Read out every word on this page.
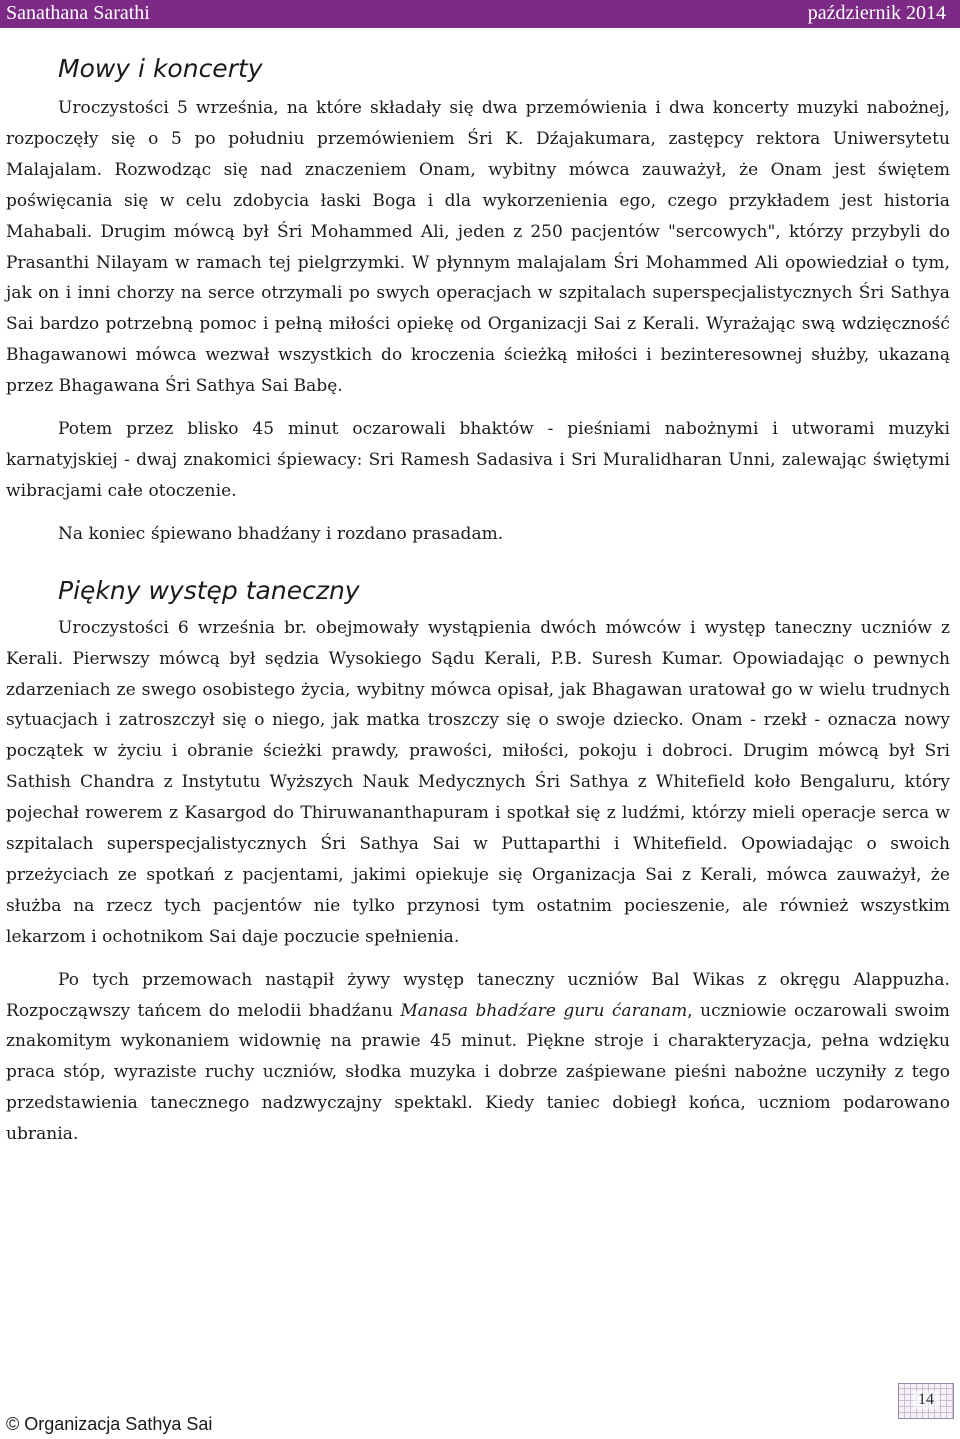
Sanathana Sarathi	październik 2014
Mowy i koncerty

Uroczystości 5 września, na które składały się dwa przemówienia i dwa koncerty muzyki nabożnej, rozpoczęły się o 5 po południu przemówieniem Śri K. Dźajakumara, zastępcy rektora Uniwersytetu Malajalam. Rozwodząc się nad znaczeniem Onam, wybitny mówca zauważył, że Onam jest świętem poświęcania się w celu zdobycia łaski Boga i dla wykorzenienia ego, czego przykładem jest historia Mahabali. Drugim mówcą był Śri Mohammed Ali, jeden z 250 pacjentów "sercowych", którzy przybyli do Prasanthi Nilayam w ramach tej pielgrzymki. W płynnym malajalam Śri Mohammed Ali opowiedział o tym, jak on i inni chorzy na serce otrzymali po swych operacjach w szpitalach superspecjalistycznych Śri Sathya Sai bardzo potrzebną pomoc i pełną miłości opiekę od Organizacji Sai z Kerali. Wyrażając swą wdzięczność Bhagawanowi mówca wezwał wszystkich do kroczenia ścieżką miłości i bezinteresownej służby, ukazaną przez Bhagawana Śri Sathya Sai Babę.

Potem przez blisko 45 minut oczarowali bhaktów - pieśniami nabożnymi i utworami muzyki karnatyjskiej - dwaj znakomici śpiewacy: Sri Ramesh Sadasiva i Sri Muralidharan Unni, zalewając świętymi wibracjami całe otoczenie.

Na koniec śpiewano bhadźany i rozdano prasadam.

Piękny występ taneczny

Uroczystości 6 września br. obejmowały wystąpienia dwóch mówców i występ taneczny uczniów z Kerali. Pierwszy mówcą był sędzia Wysokiego Sądu Kerali, P.B. Suresh Kumar. Opowiadając o pewnych zdarzeniach ze swego osobistego życia, wybitny mówca opisał, jak Bhagawan uratował go w wielu trudnych sytuacjach i zatroszczył się o niego, jak matka troszczy się o swoje dziecko. Onam - rzekł - oznacza nowy początek w życiu i obranie ścieżki prawdy, prawości, miłości, pokoju i dobroci. Drugim mówcą był Sri Sathish Chandra z Instytutu Wyższych Nauk Medycznych Śri Sathya z Whitefield koło Bengaluru, który pojechał rowerem z Kasargod do Thiruwananthapuram i spotkał się z ludźmi, którzy mieli operacje serca w szpitalach superspecjalistycznych Śri Sathya Sai w Puttaparthi i Whitefield. Opowiadając o swoich przeżyciach ze spotkań z pacjentami, jakimi opiekuje się Organizacja Sai z Kerali, mówca zauważył, że służba na rzecz tych pacjentów nie tylko przynosi tym ostatnim pocieszenie, ale również wszystkim lekarzom i ochotnikom Sai daje poczucie spełnienia.

Po tych przemowach nastąpił żywy występ taneczny uczniów Bal Wikas z okręgu Alappuzha. Rozpocząwszy tańcem do melodii bhadźanu Manasa bhadźare guru ćaranam, uczniowie oczarowali swoim znakomitym wykonaniem widownię na prawie 45 minut. Piękne stroje i charakteryzacja, pełna wdzięku praca stóp, wyraziste ruchy uczniów, słodka muzyka i dobrze zaśpiewane pieśni nabożne uczyniły z tego przedstawienia tanecznego nadzwyczajny spektakl. Kiedy taniec dobiegł końca, uczniom podarowano ubrania.

© Organizacja Sathya Sai
14
